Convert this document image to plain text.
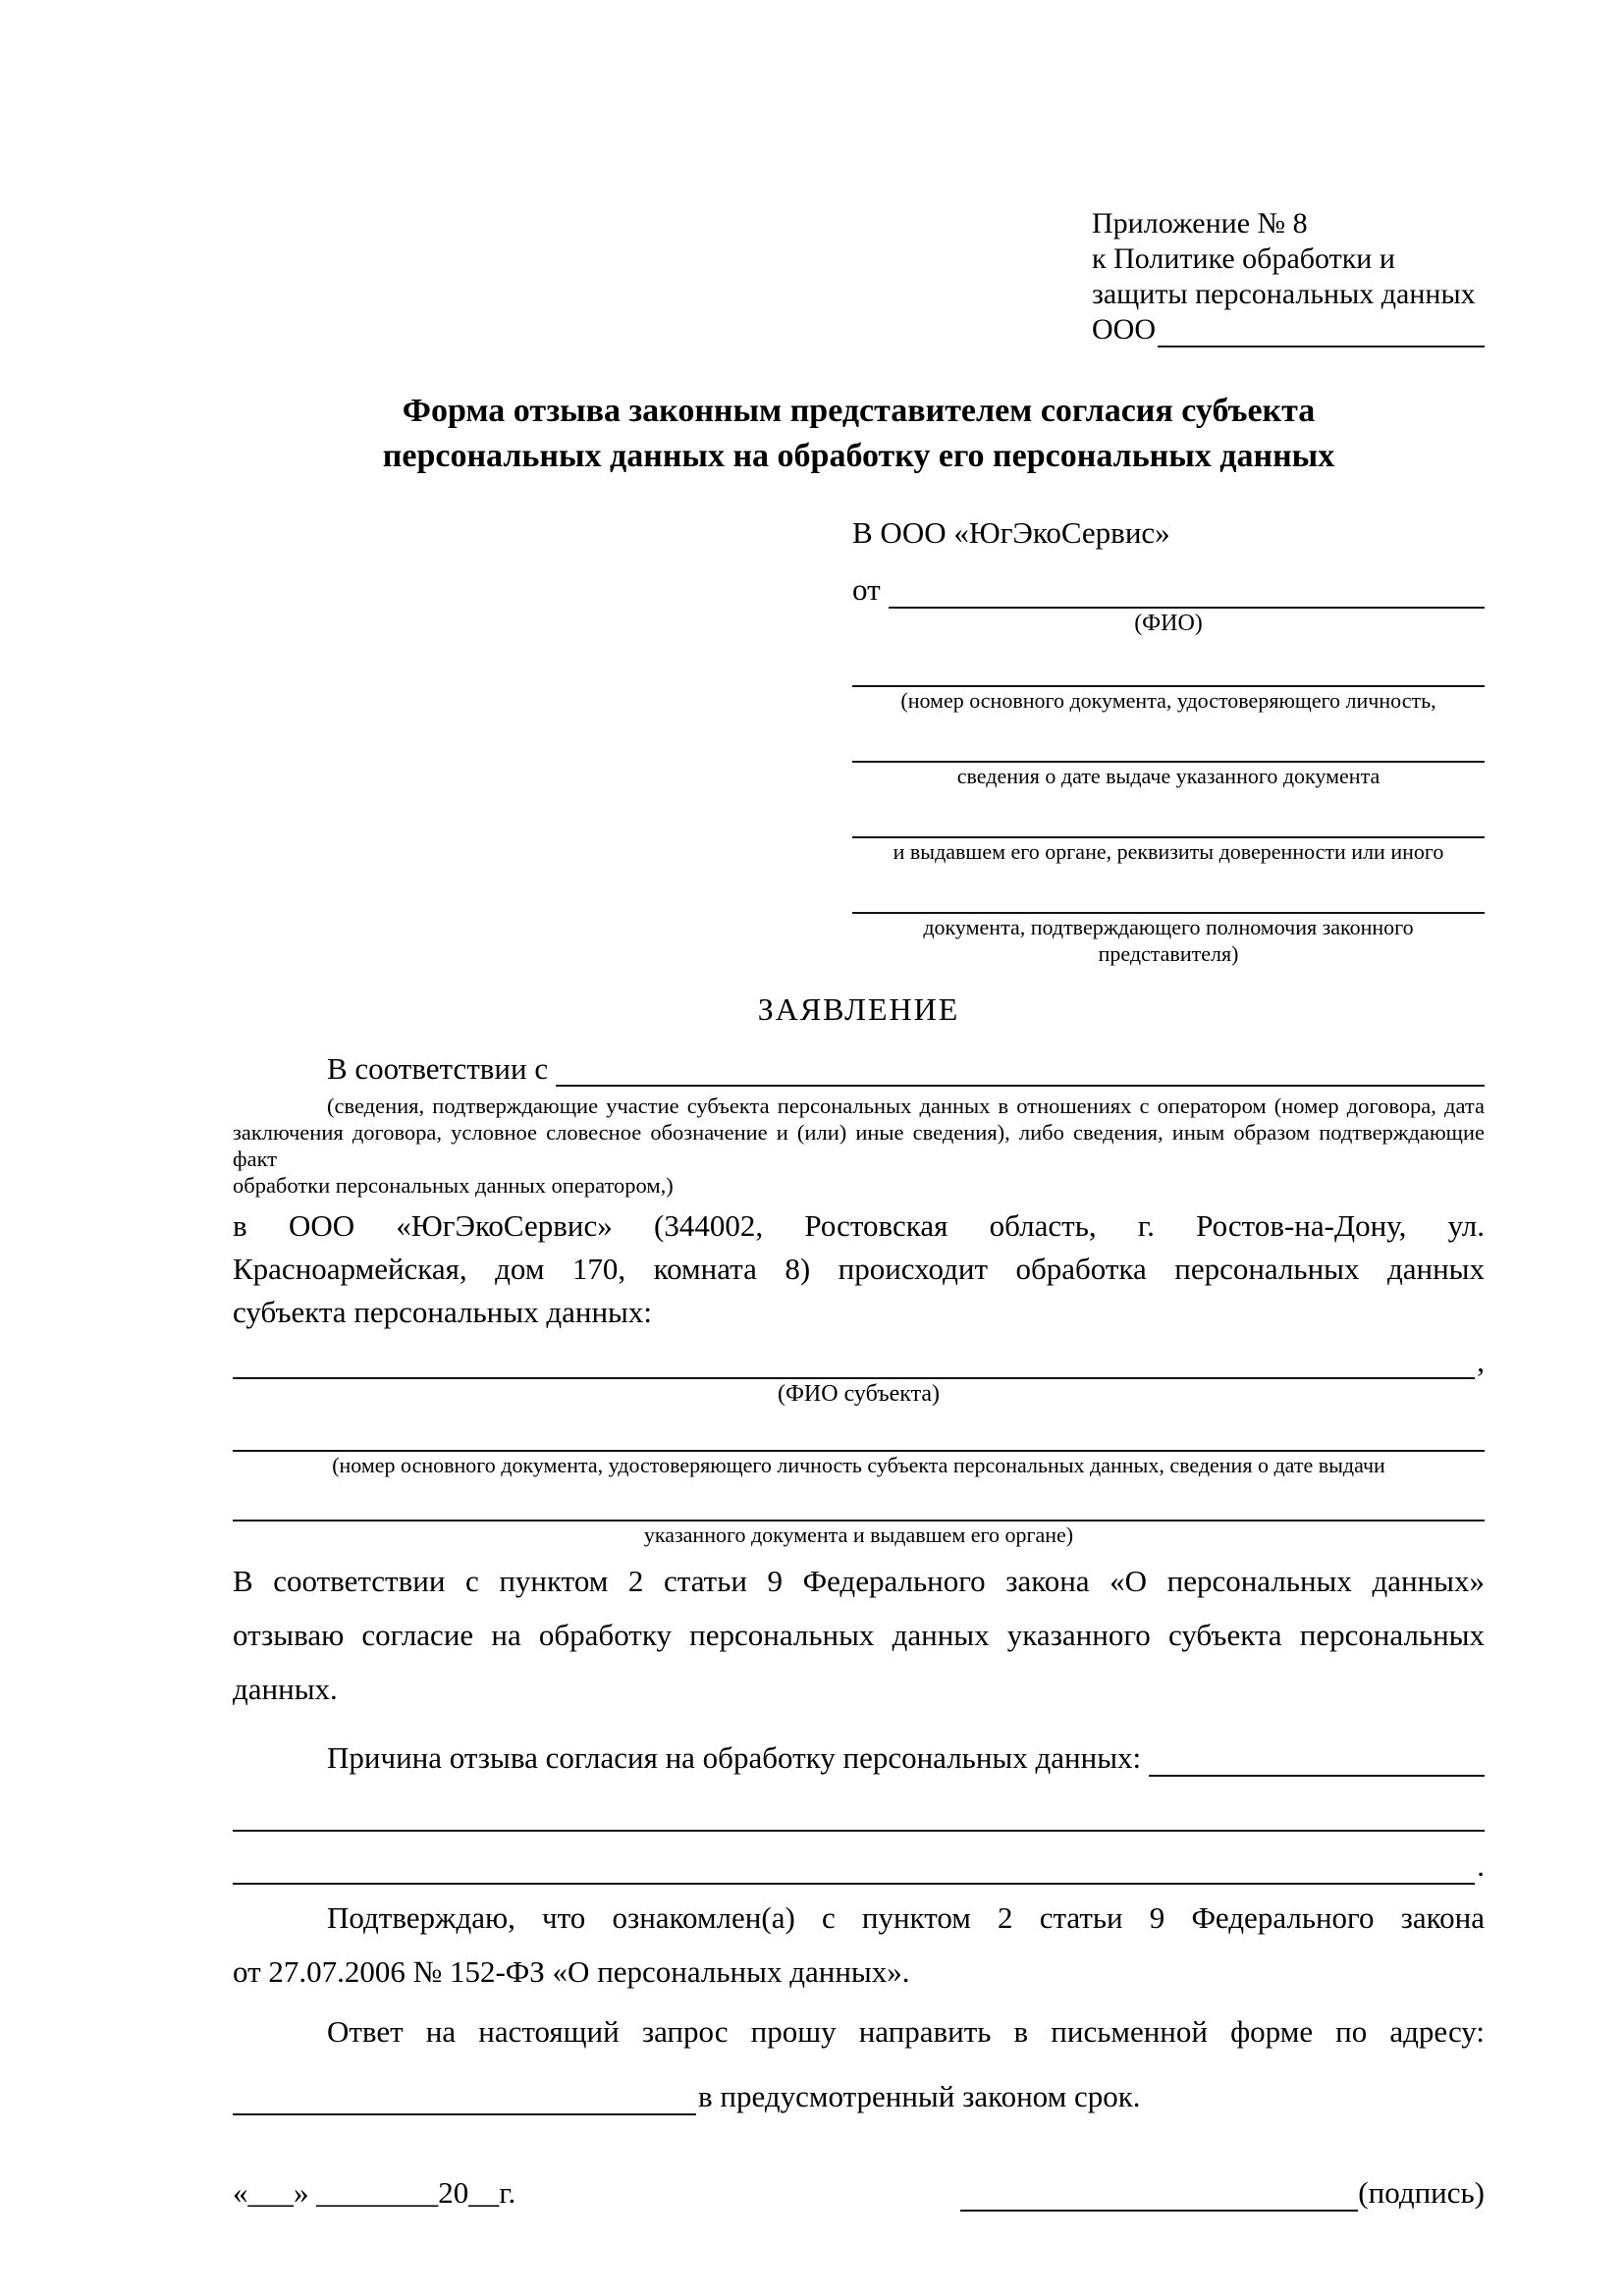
Приложение № 8
к Политике обработки и
защиты персональных данных
ООО
Форма отзыва законным представителем согласия субъекта
персональных данных на обработку его персональных данных
В ООО «ЮгЭкоСервис»
от
(ФИО)
(номер основного документа, удостоверяющего личность,
сведения о дате выдаче указанного документа
и выдавшем его органе, реквизиты доверенности или иного
документа, подтверждающего полномочия законного представителя)
ЗАЯВЛЕНИЕ
В соответствии с
(сведения, подтверждающие участие субъекта персональных данных в отношениях с оператором (номер договора, дата
заключения договора, условное словесное обозначение и (или) иные сведения), либо сведения, иным образом подтверждающие факт
обработки персональных данных оператором,)
в ООО «ЮгЭкоСервис» (344002, Ростовская область, г. Ростов-на-Дону, ул.
Красноармейская, дом 170, комната 8) происходит обработка персональных данных
субъекта персональных данных:
,
(ФИО субъекта)
(номер основного документа, удостоверяющего личность субъекта персональных данных, сведения о дате выдачи
указанного документа и выдавшем его органе)
В соответствии с пунктом 2 статьи 9 Федерального закона «О персональных данных»
отзываю согласие на обработку персональных данных указанного субъекта персональных
данных.
Причина отзыва согласия на обработку персональных данных:
.
Подтверждаю, что ознакомлен(а) с пунктом 2 статьи 9 Федерального закона
от 27.07.2006 № 152-ФЗ «О персональных данных».
Ответ на настоящий запрос прошу направить в письменной форме по адресу:
в предусмотренный законом срок.
«___» ________20__г.	(подпись)
